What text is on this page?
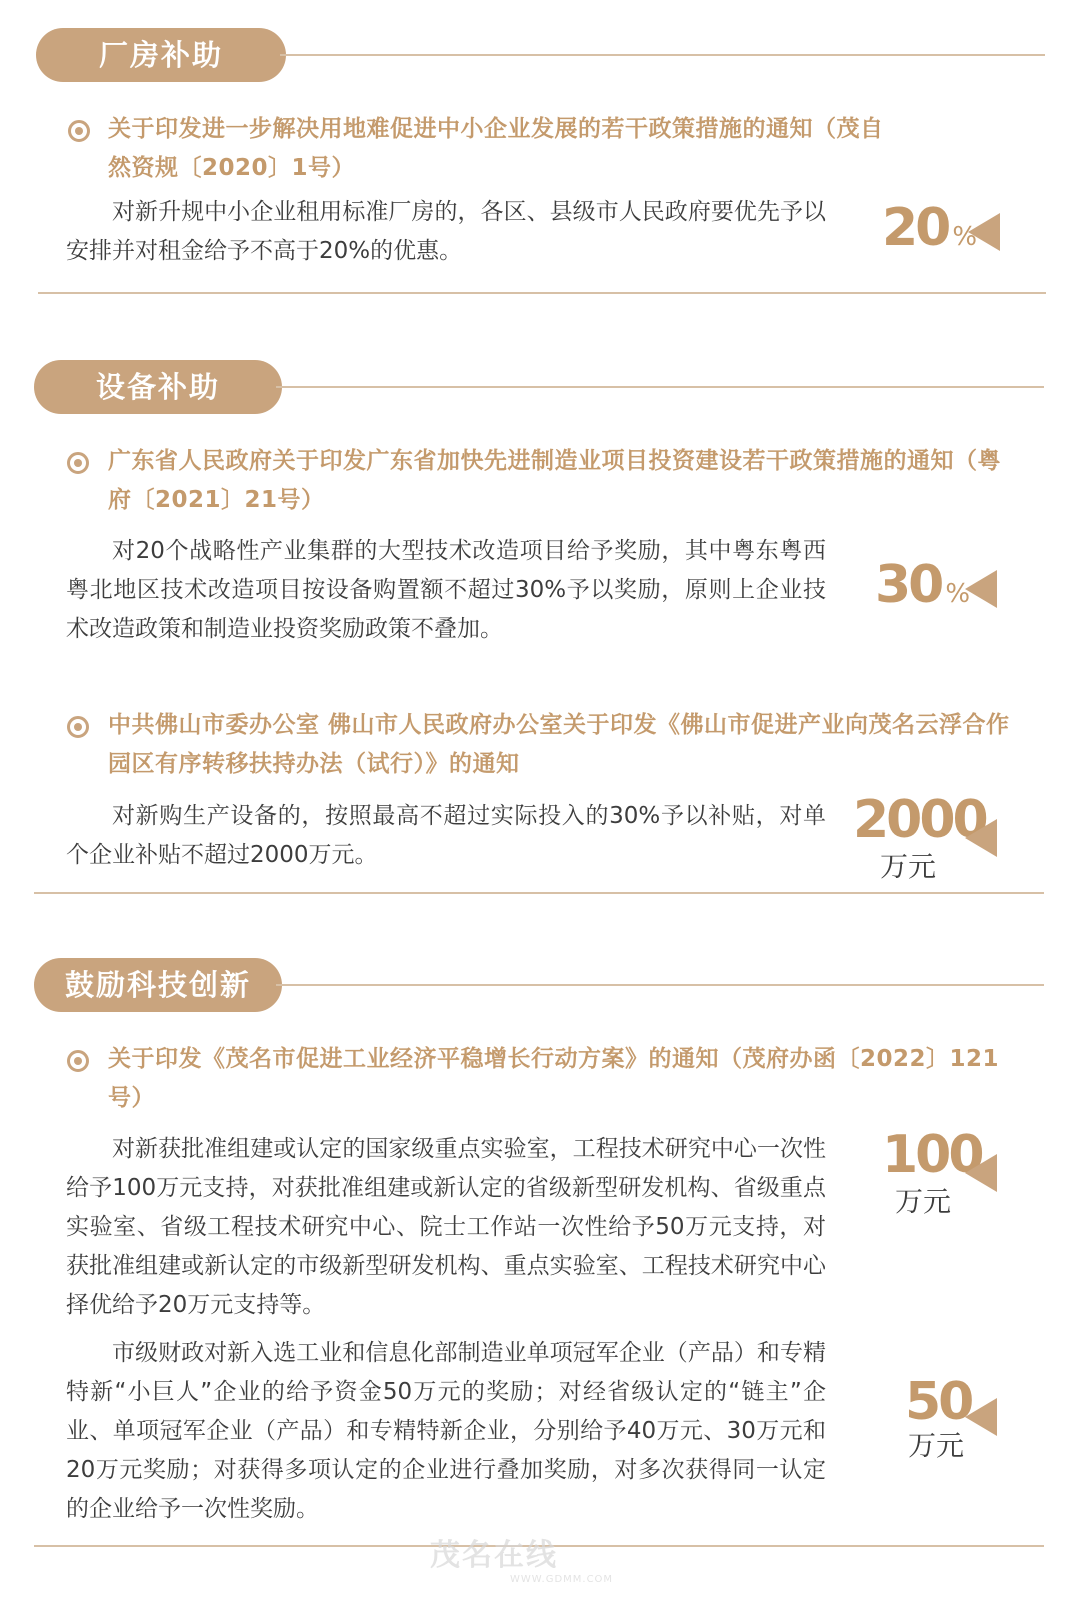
厂房补助
关于印发进一步解决用地难促进中小企业发展的若干政策措施的通知（茂自然资规〔2020〕1号）
对新升规中小企业租用标准厂房的，各区、县级市人民政府要优先予以安排并对租金给予不高于20%的优惠。	20 %
设备补助
广东省人民政府关于印发广东省加快先进制造业项目投资建设若干政策措施的通知（粤府〔2021〕21号）
对20个战略性产业集群的大型技术改造项目给予奖励，其中粤东粤西粤北地区技术改造项目按设备购置额不超过30%予以奖励，原则上企业技术改造政策和制造业投资奖励政策不叠加。
30 %
中共佛山市委办公室 佛山市人民政府办公室关于印发《佛山市促进产业向茂名云浮合作园区有序转移扶持办法（试行）》的通知
对新购生产设备的，按照最高不超过实际投入的30%予以补贴，对单个企业补贴不超过2000万元。
2000
万元
鼓励科技创新
关于印发《茂名市促进工业经济平稳增长行动方案》的通知（茂府办函〔2022〕121号）
对新获批准组建或认定的国家级重点实验室，工程技术研究中心一次性给予100万元支持，对获批准组建或新认定的省级新型研发机构、省级重点实验室、省级工程技术研究中心、院士工作站一次性给予50万元支持，对获批准组建或新认定的市级新型研发机构、重点实验室、工程技术研究中心择优给予20万元支持等。
100
万元
市级财政对新入选工业和信息化部制造业单项冠军企业（产品）和专精特新“小巨人”企业的给予资金50万元的奖励；对经省级认定的“链主”企业、单项冠军企业（产品）和专精特新企业，分别给予40万元、30万元和20万元奖励；对获得多项认定的企业进行叠加奖励，对多次获得同一认定的企业给予一次性奖励。
50
万元
茂名在线
WWW.GDMM.COM
